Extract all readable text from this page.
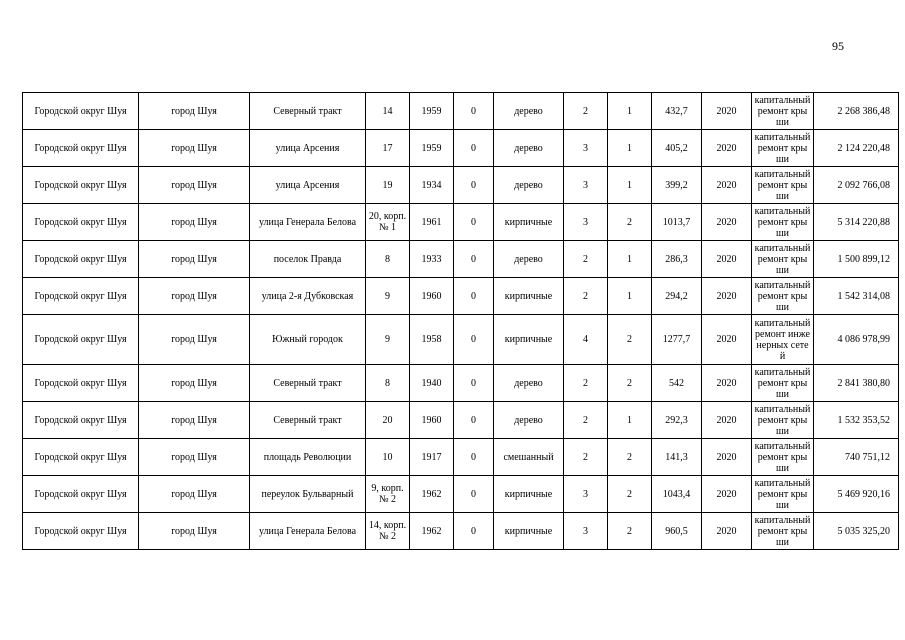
95
Городской округ Шуя	город Шуя	Северный тракт	14	1959	0	дерево	2	1	432,7	2020	капитальный ремонт крыши	2 268 386,48
Городской округ Шуя	город Шуя	улица Арсения	17	1959	0	дерево	3	1	405,2	2020	капитальный ремонт крыши	2 124 220,48
Городской округ Шуя	город Шуя	улица Арсения	19	1934	0	дерево	3	1	399,2	2020	капитальный ремонт крыши	2 092 766,08
Городской округ Шуя	город Шуя	улица Генерала Белова	20, корп. № 1	1961	0	кирпичные	3	2	1013,7	2020	капитальный ремонт крыши	5 314 220,88
Городской округ Шуя	город Шуя	поселок Правда	8	1933	0	дерево	2	1	286,3	2020	капитальный ремонт крыши	1 500 899,12
Городской округ Шуя	город Шуя	улица 2-я Дубковская	9	1960	0	кирпичные	2	1	294,2	2020	капитальный ремонт крыши	1 542 314,08
Городской округ Шуя	город Шуя	Южный городок	9	1958	0	кирпичные	4	2	1277,7	2020	капитальный ремонт инженерных сетей	4 086 978,99
Городской округ Шуя	город Шуя	Северный тракт	8	1940	0	дерево	2	2	542	2020	капитальный ремонт крыши	2 841 380,80
Городской округ Шуя	город Шуя	Северный тракт	20	1960	0	дерево	2	1	292,3	2020	капитальный ремонт крыши	1 532 353,52
Городской округ Шуя	город Шуя	площадь Революции	10	1917	0	смешанный	2	2	141,3	2020	капитальный ремонт крыши	740 751,12
Городской округ Шуя	город Шуя	переулок Бульварный	9, корп. № 2	1962	0	кирпичные	3	2	1043,4	2020	капитальный ремонт крыши	5 469 920,16
Городской округ Шуя	город Шуя	улица Генерала Белова	14, корп. № 2	1962	0	кирпичные	3	2	960,5	2020	капитальный ремонт крыши	5 035 325,20
